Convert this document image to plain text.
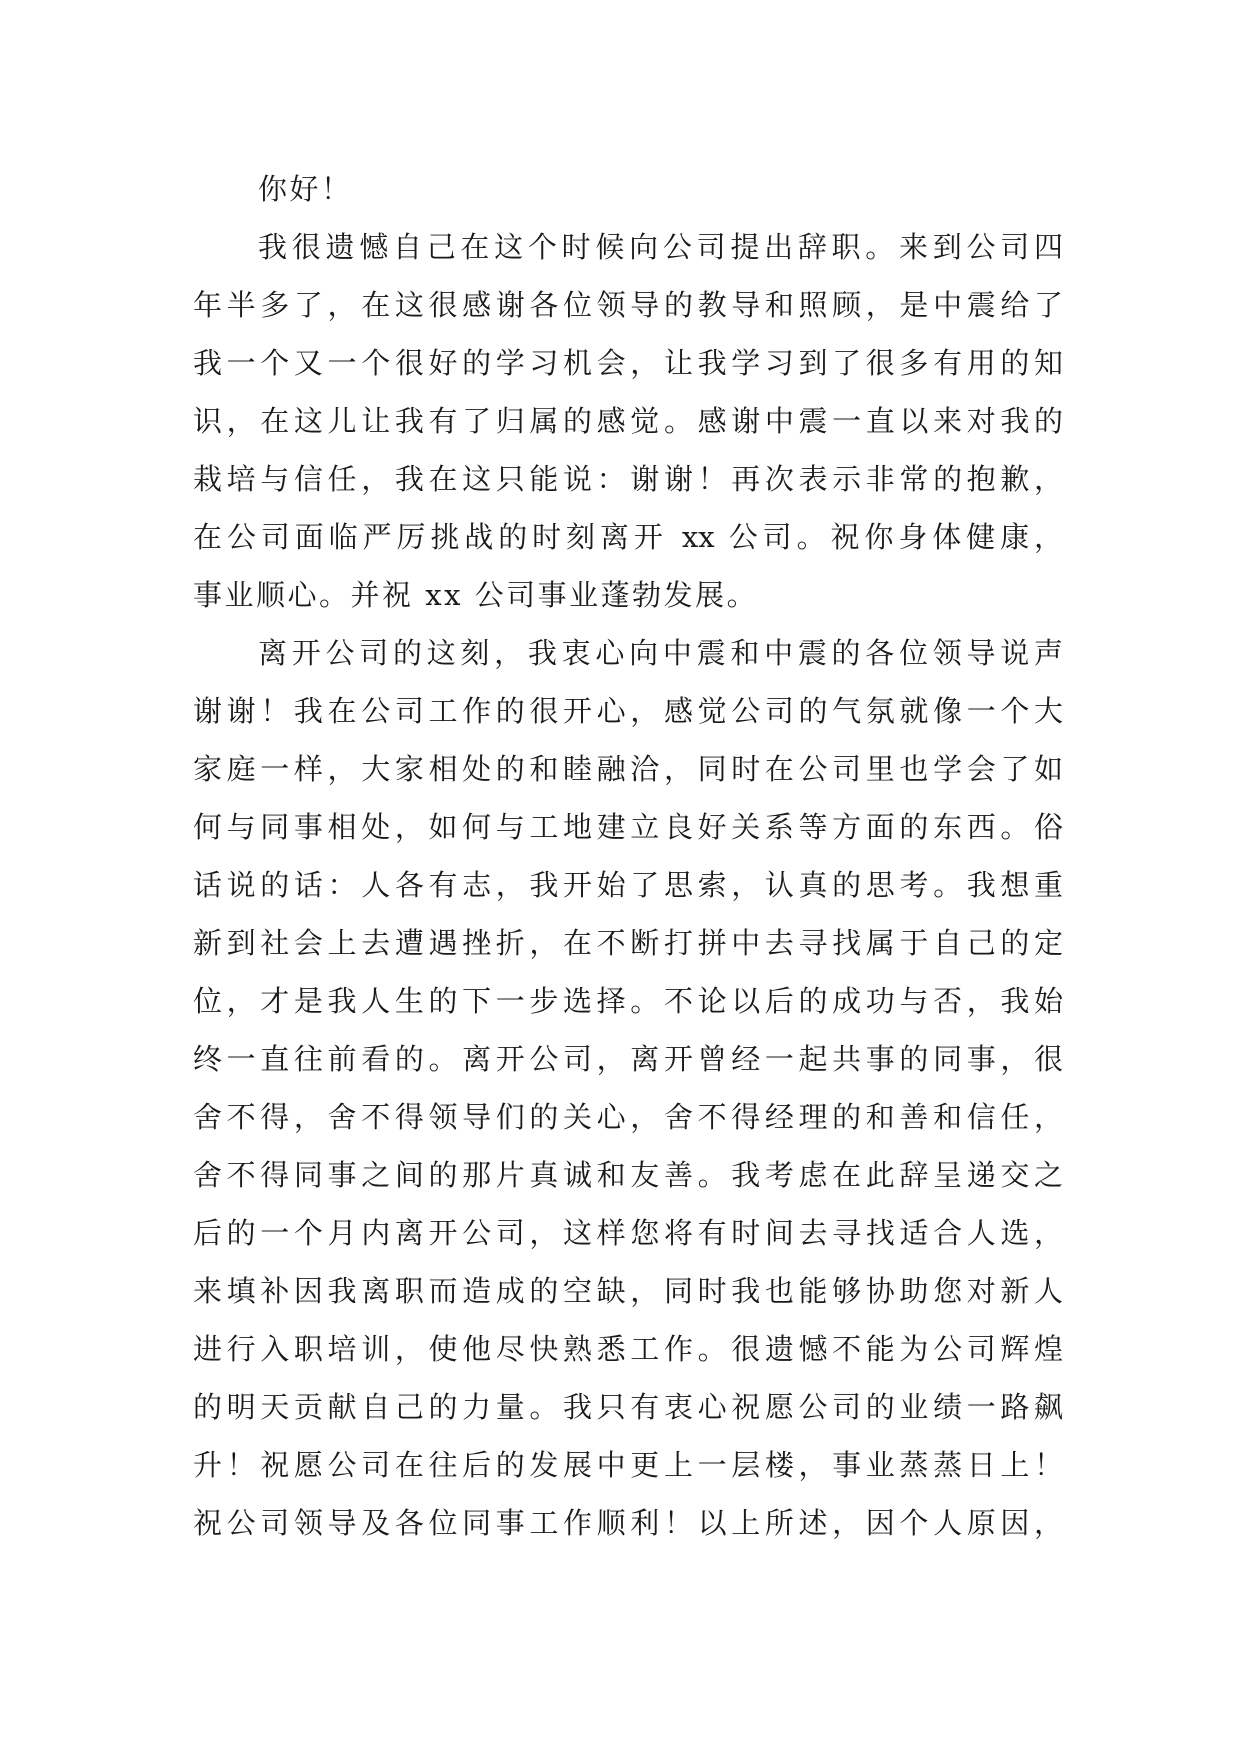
你好！
我很遗憾自己在这个时候向公司提出辞职。来到公司四
年半多了，在这很感谢各位领导的教导和照顾，是中震给了
我一个又一个很好的学习机会，让我学习到了很多有用的知
识，在这儿让我有了归属的感觉。感谢中震一直以来对我的
栽培与信任，我在这只能说：谢谢！再次表示非常的抱歉，
在公司面临严厉挑战的时刻离开 xx 公司。祝你身体健康，
事业顺心。并祝 xx 公司事业蓬勃发展。
离开公司的这刻，我衷心向中震和中震的各位领导说声
谢谢！我在公司工作的很开心，感觉公司的气氛就像一个大
家庭一样，大家相处的和睦融洽，同时在公司里也学会了如
何与同事相处，如何与工地建立良好关系等方面的东西。俗
话说的话：人各有志，我开始了思索，认真的思考。我想重
新到社会上去遭遇挫折，在不断打拼中去寻找属于自己的定
位，才是我人生的下一步选择。不论以后的成功与否，我始
终一直往前看的。离开公司，离开曾经一起共事的同事，很
舍不得，舍不得领导们的关心，舍不得经理的和善和信任，
舍不得同事之间的那片真诚和友善。我考虑在此辞呈递交之
后的一个月内离开公司，这样您将有时间去寻找适合人选，
来填补因我离职而造成的空缺，同时我也能够协助您对新人
进行入职培训，使他尽快熟悉工作。很遗憾不能为公司辉煌
的明天贡献自己的力量。我只有衷心祝愿公司的业绩一路飙
升！祝愿公司在往后的发展中更上一层楼，事业蒸蒸日上！
祝公司领导及各位同事工作顺利！以上所述，因个人原因，
